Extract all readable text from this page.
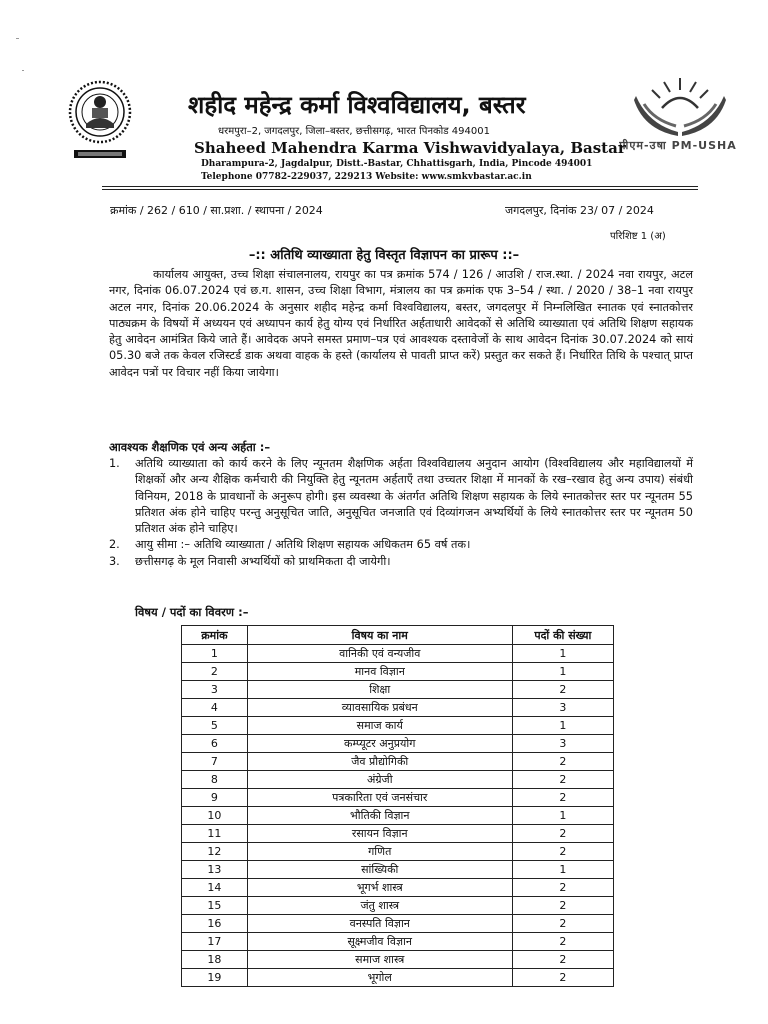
पीएम-उषा PM-USHA
शहीद महेन्द्र कर्मा विश्वविद्यालय, बस्तर
धरमपुरा–2, जगदलपुर, जिला–बस्तर, छत्तीसगढ़, भारत पिनकोड 494001
Shaheed Mahendra Karma Vishwavidyalaya, Bastar
Dharampura-2, Jagdalpur, Distt.-Bastar, Chhattisgarh, India, Pincode 494001
Telephone 07782-229037, 229213 Website: www.smkvbastar.ac.in
क्रमांक / 262 / 610 / सा.प्रशा. / स्थापना / 2024	जगदलपुर, दिनांक 23/ 07 / 2024
परिशिष्ट 1 (अ)
–:: अतिथि व्याख्याता हेतु विस्तृत विज्ञापन का प्रारूप ::–
कार्यालय आयुक्त, उच्च शिक्षा संचालनालय, रायपुर का पत्र क्रमांक 574 / 126 / आउशि / राज.स्था. / 2024 नवा रायपुर, अटल नगर, दिनांक 06.07.2024 एवं छ.ग. शासन, उच्च शिक्षा विभाग, मंत्रालय का पत्र क्रमांक एफ 3–54 / स्था. / 2020 / 38–1 नवा रायपुर अटल नगर, दिनांक 20.06.2024 के अनुसार शहीद महेन्द्र कर्मा विश्वविद्यालय, बस्तर, जगदलपुर में निम्नलिखित स्नातक एवं स्नातकोत्तर पाठ्यक्रम के विषयों में अध्ययन एवं अध्यापन कार्य हेतु योग्य एवं निर्धारित अर्हताधारी आवेदकों से अतिथि व्याख्याता एवं अतिथि शिक्षण सहायक हेतु आवेदन आमंत्रित किये जाते हैं। आवेदक अपने समस्त प्रमाण–पत्र एवं आवश्यक दस्तावेजों के साथ आवेदन दिनांक 30.07.2024 को सायं 05.30 बजे तक केवल रजिस्टर्ड डाक अथवा वाहक के हस्ते (कार्यालय से पावती प्राप्त करें) प्रस्तुत कर सकते हैं। निर्धारित तिथि के पश्चात् प्राप्त आवेदन पत्रों पर विचार नहीं किया जायेगा।
आवश्यक शैक्षणिक एवं अन्य अर्हता :–
1.	अतिथि व्याख्याता को कार्य करने के लिए न्यूनतम शैक्षणिक अर्हता विश्वविद्यालय अनुदान आयोग (विश्वविद्यालय और महाविद्यालयों में शिक्षकों और अन्य शैक्षिक कर्मचारी की नियुक्ति हेतु न्यूनतम अर्हताएँ तथा उच्चतर शिक्षा में मानकों के रख–रखाव हेतु अन्य उपाय) संबंधी विनियम, 2018 के प्रावधानों के अनुरूप होगी। इस व्यवस्था के अंतर्गत अतिथि शिक्षण सहायक के लिये स्नातकोत्तर स्तर पर न्यूनतम 55 प्रतिशत अंक होने चाहिए परन्तु अनुसूचित जाति, अनुसूचित जनजाति एवं दिव्यांगजन अभ्यर्थियों के लिये स्नातकोत्तर स्तर पर न्यूनतम 50 प्रतिशत अंक होने चाहिए।
2.	आयु सीमा :– अतिथि व्याख्याता / अतिथि शिक्षण सहायक अधिकतम 65 वर्ष तक।
3.	छत्तीसगढ़ के मूल निवासी अभ्यर्थियों को प्राथमिकता दी जायेगी।
विषय / पदों का विवरण :–
क्रमांक	विषय का नाम	पदों की संख्या
1	वानिकी एवं वन्यजीव	1
2	मानव विज्ञान	1
3	शिक्षा	2
4	व्यावसायिक प्रबंधन	3
5	समाज कार्य	1
6	कम्प्यूटर अनुप्रयोग	3
7	जैव प्रौद्योगिकी	2
8	अंग्रेजी	2
9	पत्रकारिता एवं जनसंचार	2
10	भौतिकी विज्ञान	1
11	रसायन विज्ञान	2
12	गणित	2
13	सांख्यिकी	1
14	भूगर्भ शास्त्र	2
15	जंतु शास्त्र	2
16	वनस्पति विज्ञान	2
17	सूक्ष्मजीव विज्ञान	2
18	समाज शास्त्र	2
19	भूगोल	2
